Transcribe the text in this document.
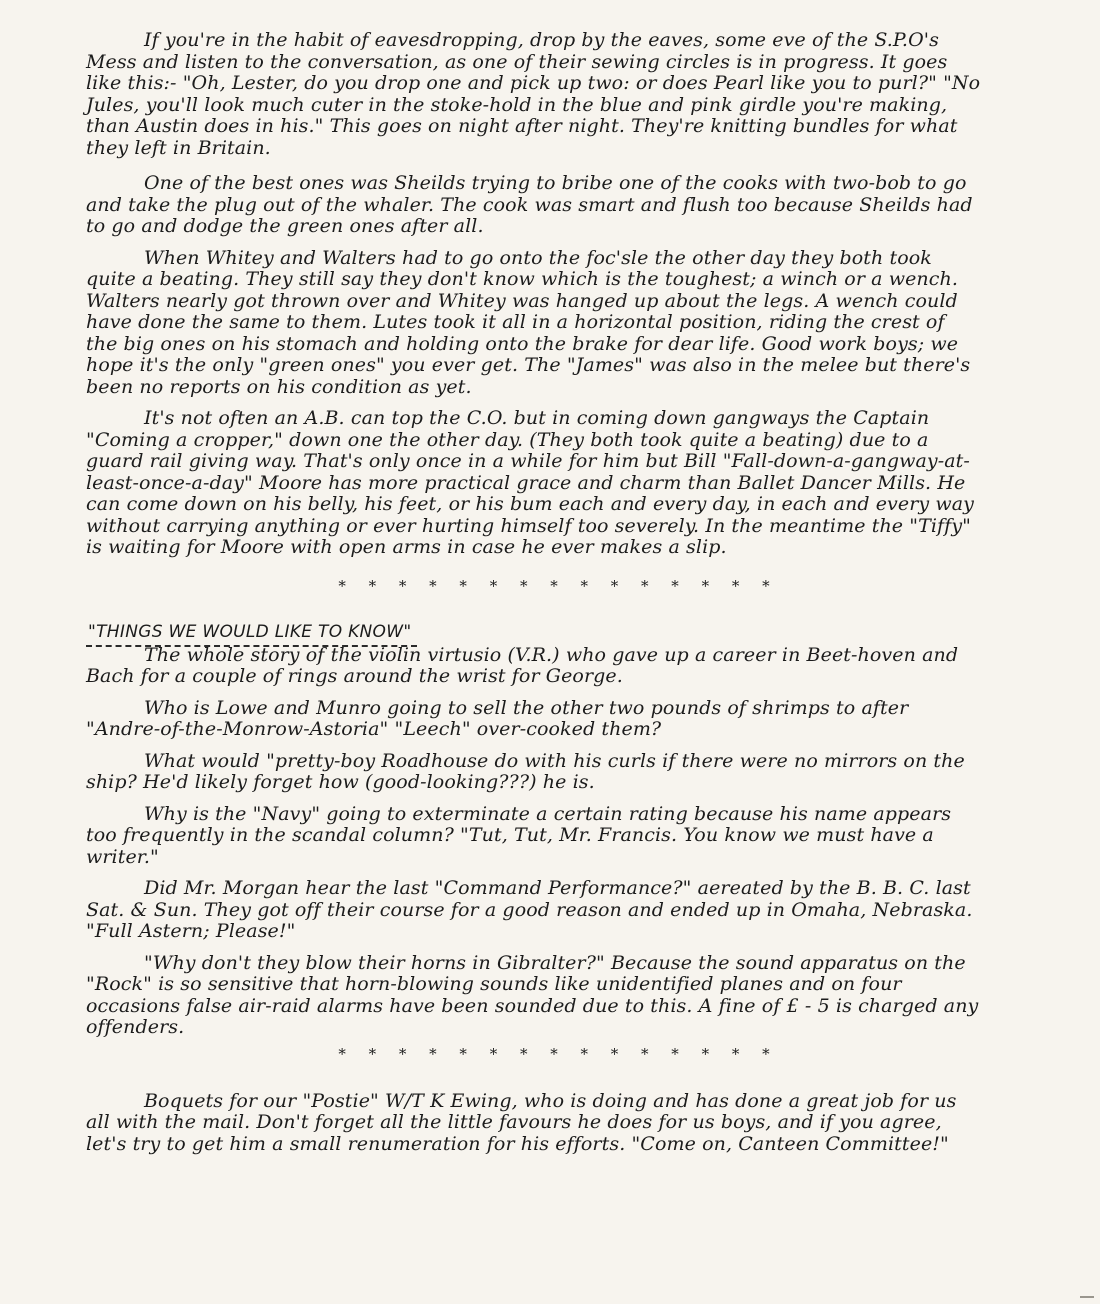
If you're in the habit of eavesdropping, drop by the eaves, some eve of the S.P.O's Mess and listen to the conversation, as one of their sewing circles is in progress. It goes like this:- "Oh, Lester, do you drop one and pick up two: or does Pearl like you to purl?" "No Jules, you'll look much cuter in the stoke-hold in the blue and pink girdle you're making, than Austin does in his." This goes on night after night. They're knitting bundles for what they left in Britain.

One of the best ones was Sheilds trying to bribe one of the cooks with two-bob to go and take the plug out of the whaler. The cook was smart and flush too because Sheilds had to go and dodge the green ones after all.

When Whitey and Walters had to go onto the foc'sle the other day they both took quite a beating. They still say they don't know which is the toughest; a winch or a wench. Walters nearly got thrown over and Whitey was hanged up about the legs. A wench could have done the same to them. Lutes took it all in a horizontal position, riding the crest of the big ones on his stomach and holding onto the brake for dear life. Good work boys; we hope it's the only "green ones" you ever get. The "James" was also in the melee but there's been no reports on his condition as yet.

It's not often an A.B. can top the C.O. but in coming down gangways the Captain "Coming a cropper," down one the other day. (They both took quite a beating) due to a guard rail giving way. That's only once in a while for him but Bill "Fall-down-a-gangway-at-least-once-a-day" Moore has more practical grace and charm than Ballet Dancer Mills. He can come down on his belly, his feet, or his bum each and every day, in each and every way without carrying anything or ever hurting himself too severely. In the meantime the "Tiffy" is waiting for Moore with open arms in case he ever makes a slip.

* * * * * * * * * * * * * * *
"THINGS WE WOULD LIKE TO KNOW"

The whole story of the violin virtusio (V.R.) who gave up a career in Beet-hoven and Bach for a couple of rings around the wrist for George.

Who is Lowe and Munro going to sell the other two pounds of shrimps to after "Andre-of-the-Monrow-Astoria" "Leech" over-cooked them?

What would "pretty-boy Roadhouse do with his curls if there were no mirrors on the ship? He'd likely forget how (good-looking???) he is.

Why is the "Navy" going to exterminate a certain rating because his name appears too frequently in the scandal column? "Tut, Tut, Mr. Francis. You know we must have a writer."

Did Mr. Morgan hear the last "Command Performance?" aereated by the B. B. C. last Sat. & Sun. They got off their course for a good reason and ended up in Omaha, Nebraska. "Full Astern; Please!"

"Why don't they blow their horns in Gibralter?" Because the sound apparatus on the "Rock" is so sensitive that horn-blowing sounds like unidentified planes and on four occasions false air-raid alarms have been sounded due to this. A fine of £ - 5 is charged any offenders.

* * * * * * * * * * * * * * *

Boquets for our "Postie" W/T K Ewing, who is doing and has done a great job for us all with the mail. Don't forget all the little favours he does for us boys, and if you agree, let's try to get him a small renumeration for his efforts. "Come on, Canteen Committee!"
